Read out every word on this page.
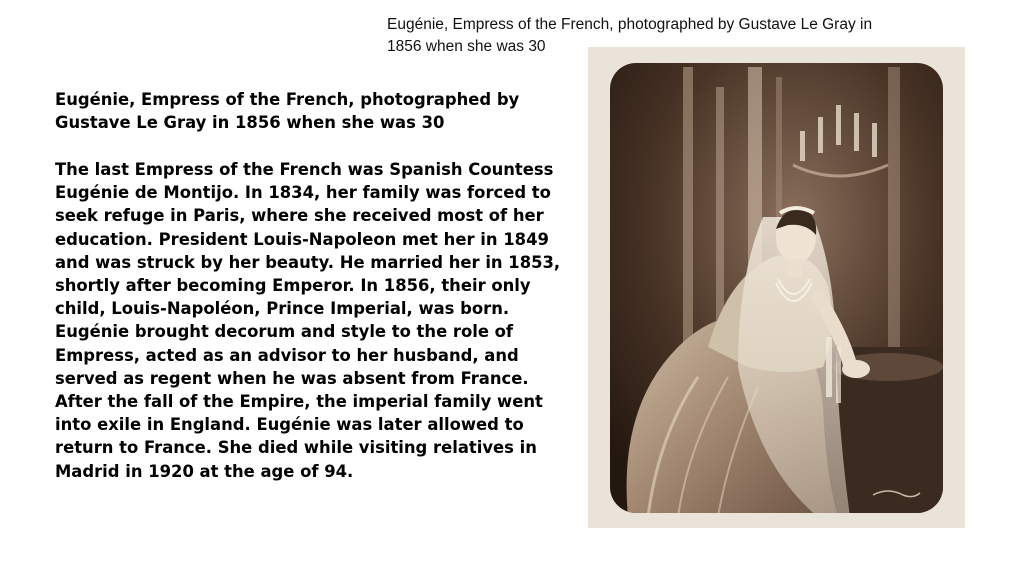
Eugénie, Empress of the French, photographed by Gustave Le Gray in 1856 when she was 30

Eugénie, Empress of the French, photographed by Gustave Le Gray in 1856 when she was 30

The last Empress of the French was Spanish Countess Eugénie de Montijo. In 1834, her family was forced to seek refuge in Paris, where she received most of her education. President Louis-Napoleon met her in 1849 and was struck by her beauty. He married her in 1853, shortly after becoming Emperor. In 1856, their only child, Louis-Napoléon, Prince Imperial, was born. Eugénie brought decorum and style to the role of Empress, acted as an advisor to her husband, and served as regent when he was absent from France. After the fall of the Empire, the imperial family went into exile in England. Eugénie was later allowed to return to France. She died while visiting relatives in Madrid in 1920 at the age of 94.
